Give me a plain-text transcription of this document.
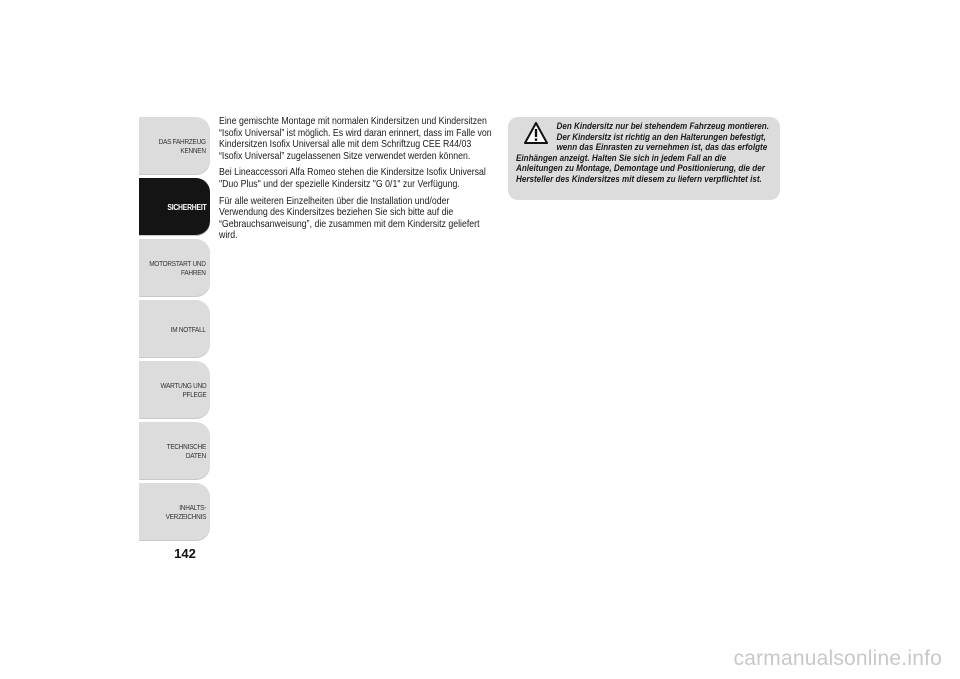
DAS FAHRZEUG
KENNEN
SICHERHEIT
MOTORSTART UND
FAHREN
IM NOTFALL
WARTUNG UND
PFLEGE
TECHNISCHE DATEN
INHALTS-
VERZEICHNIS
142

Eine gemischte Montage mit normalen Kindersitzen und Kindersitzen “Isofix Universal” ist möglich. Es wird daran erinnert, dass im Falle von Kindersitzen Isofix Universal alle mit dem Schriftzug CEE R44/03 “Isofix Universal” zugelassenen Sitze verwendet werden können.

Bei Lineaccessori Alfa Romeo stehen die Kindersitze Isofix Universal "Duo Plus" und der spezielle Kindersitz "G 0/1" zur Verfügung.

Für alle weiteren Einzelheiten über die Installation und/oder Verwendung des Kindersitzes beziehen Sie sich bitte auf die “Gebrauchsanweisung”, die zusammen mit dem Kindersitz geliefert wird.

Den Kindersitz nur bei stehendem Fahrzeug montieren. Der Kindersitz ist richtig an den Halterungen befestigt, wenn das Einrasten zu vernehmen ist, das das erfolgte
Einhängen anzeigt. Halten Sie sich in jedem Fall an die Anleitungen zu Montage, Demontage und Positionierung, die der Hersteller des Kindersitzes mit diesem zu liefern verpflichtet ist.
carmanualsonline.info
